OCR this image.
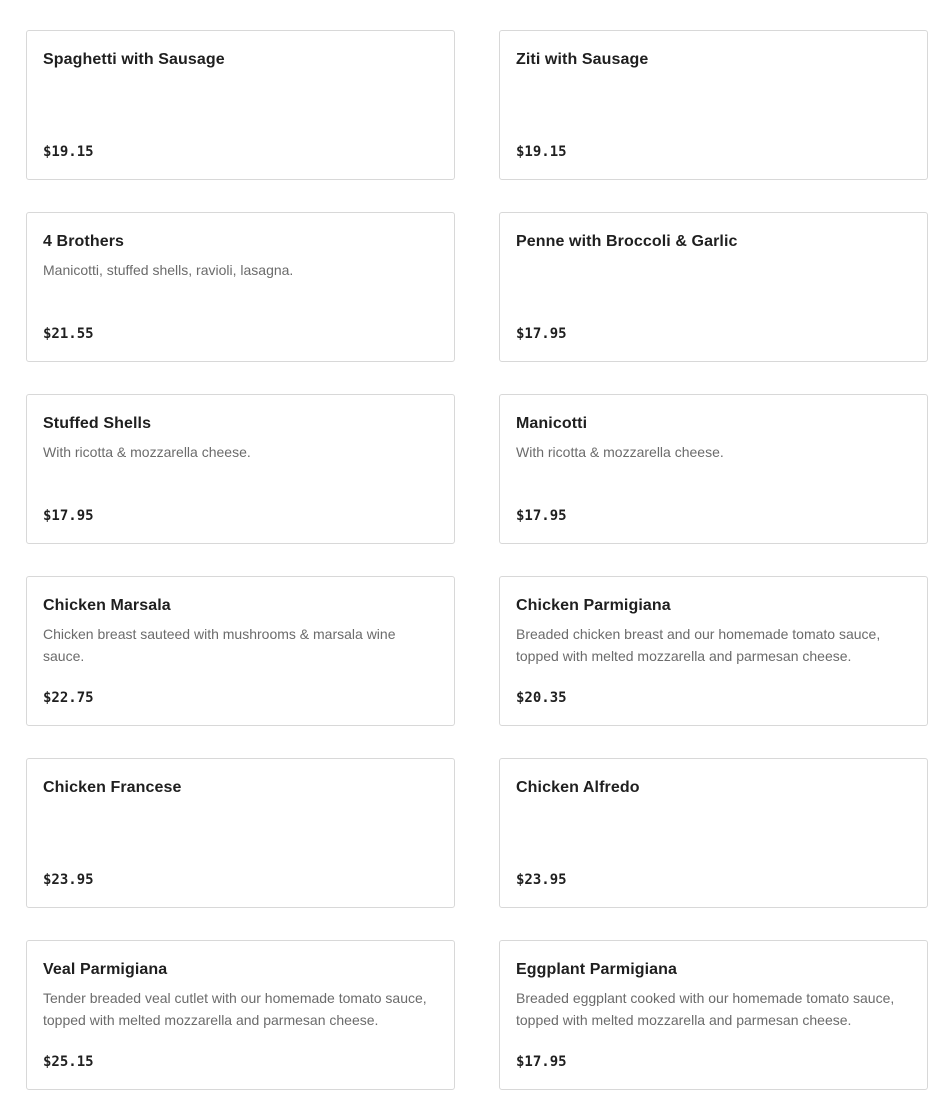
Spaghetti with Sausage
$19.15
Ziti with Sausage
$19.15
4 Brothers
Manicotti, stuffed shells, ravioli, lasagna.
$21.55
Penne with Broccoli & Garlic
$17.95
Stuffed Shells
With ricotta & mozzarella cheese.
$17.95
Manicotti
With ricotta & mozzarella cheese.
$17.95
Chicken Marsala
Chicken breast sauteed with mushrooms & marsala wine sauce.
$22.75
Chicken Parmigiana
Breaded chicken breast and our homemade tomato sauce, topped with melted mozzarella and parmesan cheese.
$20.35
Chicken Francese
$23.95
Chicken Alfredo
$23.95
Veal Parmigiana
Tender breaded veal cutlet with our homemade tomato sauce, topped with melted mozzarella and parmesan cheese.
$25.15
Eggplant Parmigiana
Breaded eggplant cooked with our homemade tomato sauce, topped with melted mozzarella and parmesan cheese.
$17.95
